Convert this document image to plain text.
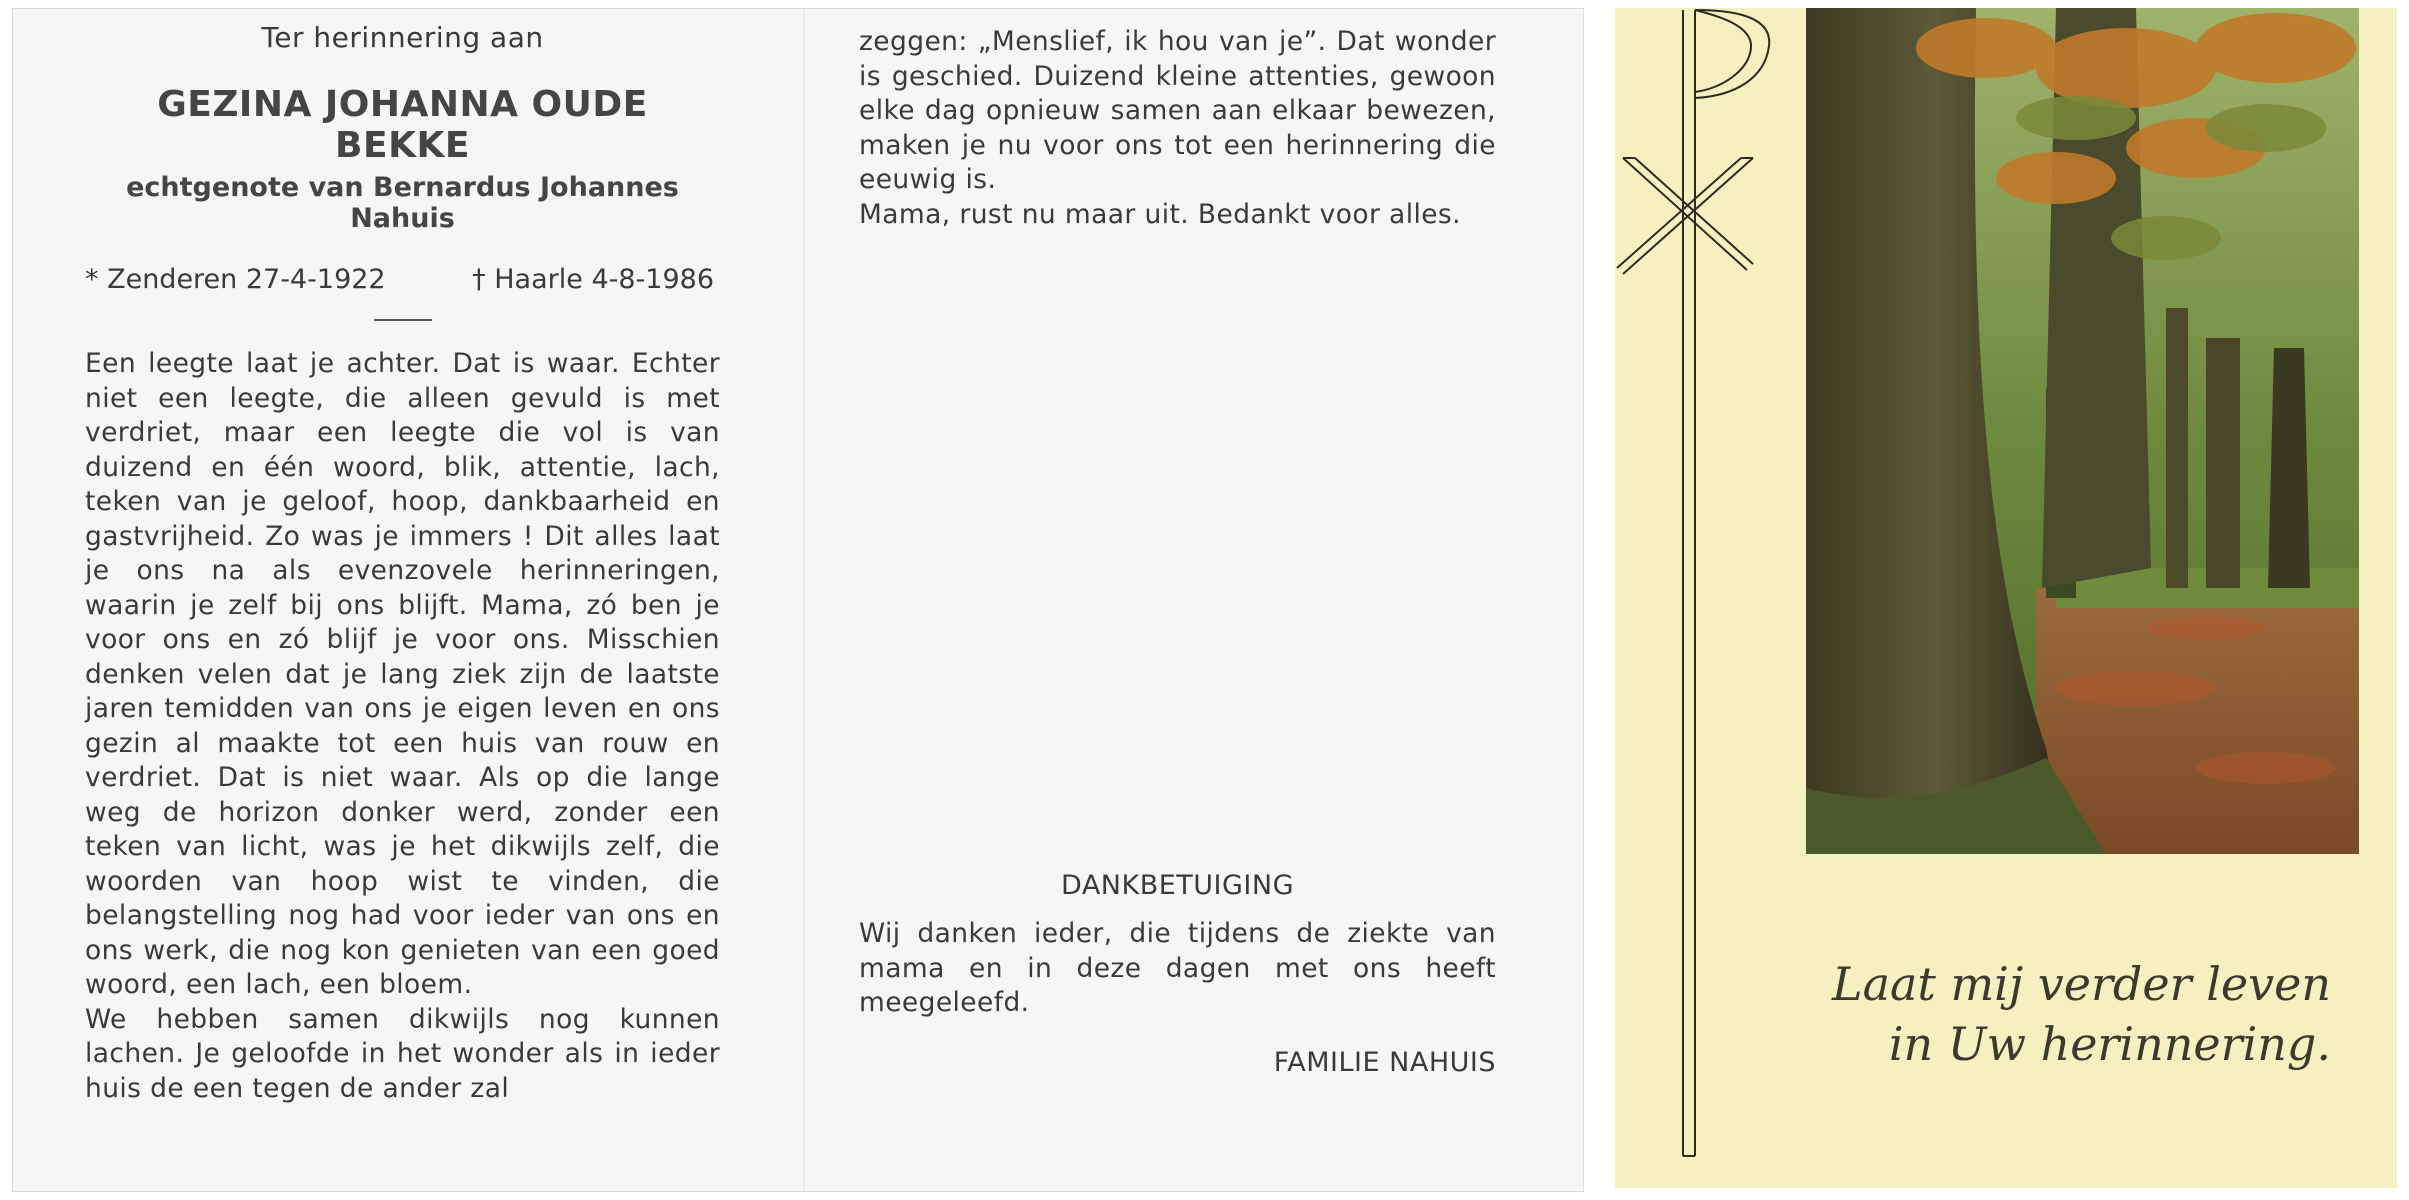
Ter herinnering aan
GEZINA JOHANNA OUDE BEKKE
echtgenote van Bernardus Johannes Nahuis
* Zenderen 27-4-1922	† Haarle 4-8-1986

Een leegte laat je achter. Dat is waar. Echter niet een leegte, die alleen gevuld is met verdriet, maar een leegte die vol is van duizend en één woord, blik, attentie, lach, teken van je geloof, hoop, dankbaarheid en gastvrijheid. Zo was je immers ! Dit alles laat je ons na als evenzovele herinneringen, waarin je zelf bij ons blijft. Mama, zó ben je voor ons en zó blijf je voor ons. Misschien denken velen dat je lang ziek zijn de laatste jaren temidden van ons je eigen leven en ons gezin al maakte tot een huis van rouw en verdriet. Dat is niet waar. Als op die lange weg de horizon donker werd, zonder een teken van licht, was je het dikwijls zelf, die woorden van hoop wist te vinden, die belangstelling nog had voor ieder van ons en ons werk, die nog kon genieten van een goed woord, een lach, een bloem.

We hebben samen dikwijls nog kunnen lachen. Je geloofde in het wonder als in ieder huis de een tegen de ander zal

zeggen: „Menslief, ik hou van je”. Dat wonder is geschied. Duizend kleine attenties, gewoon elke dag opnieuw samen aan elkaar bewezen, maken je nu voor ons tot een herinnering die eeuwig is.

Mama, rust nu maar uit. Bedankt voor alles.

DANKBETUIGING
Wij danken ieder, die tijdens de ziekte van mama en in deze dagen met ons heeft meegeleefd.
FAMILIE NAHUIS
Laat mij verder leven
in Uw herinnering.
